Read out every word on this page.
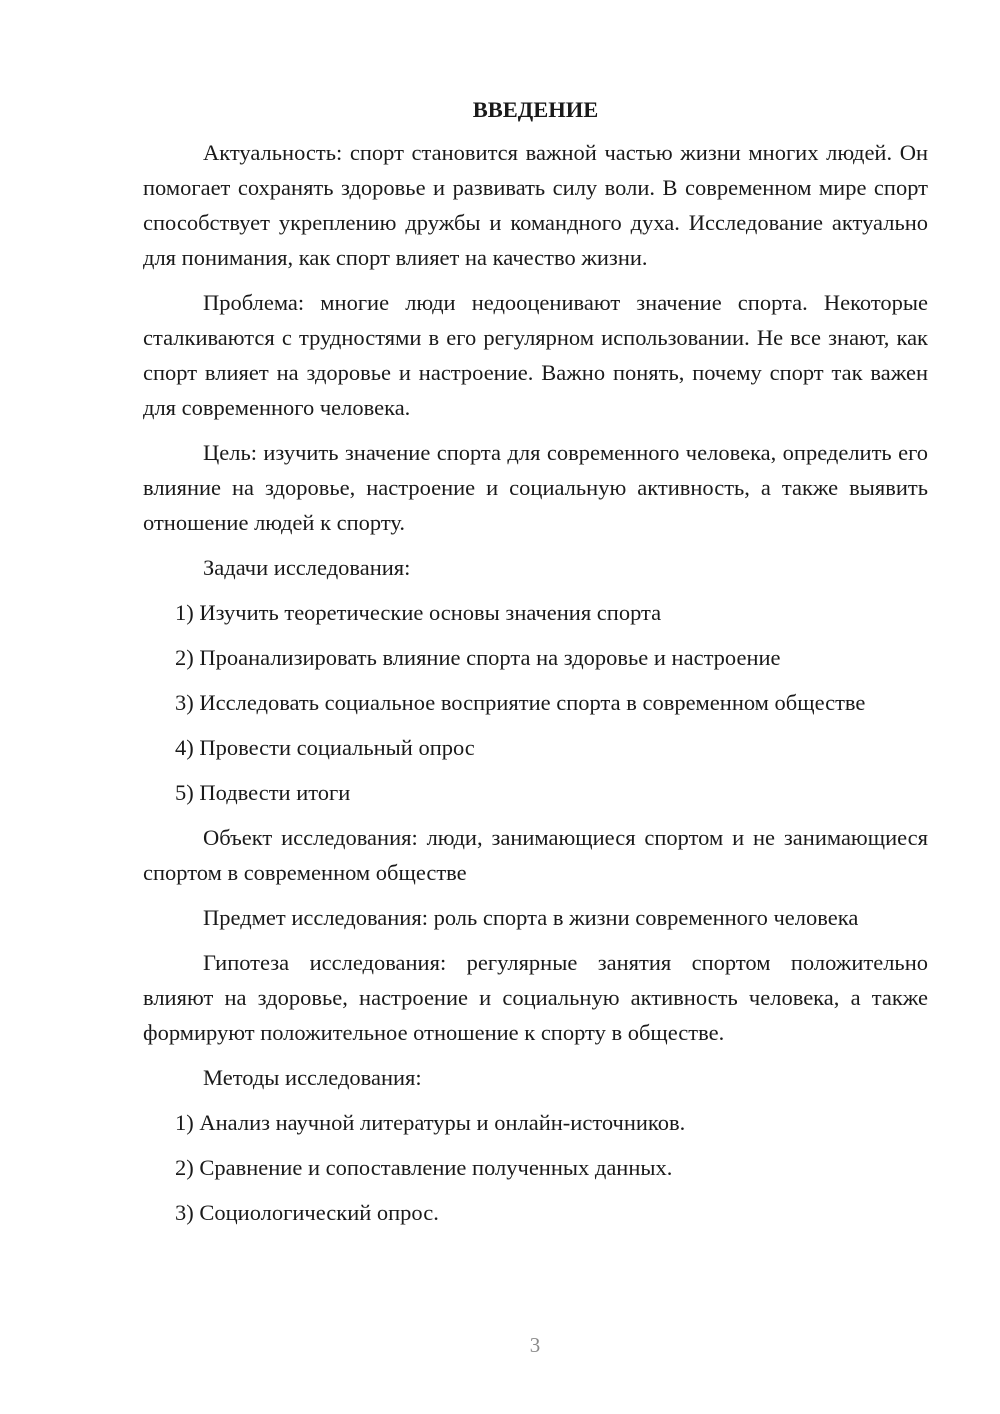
ВВЕДЕНИЕ

Актуальность: спорт становится важной частью жизни многих людей. Он помогает сохранять здоровье и развивать силу воли. В современном мире спорт способствует укреплению дружбы и командного духа. Исследование актуально для понимания, как спорт влияет на качество жизни.

Проблема: многие люди недооценивают значение спорта. Некоторые сталкиваются с трудностями в его регулярном использовании. Не все знают, как спорт влияет на здоровье и настроение. Важно понять, почему спорт так важен для современного человека.

Цель: изучить значение спорта для современного человека, определить его влияние на здоровье, настроение и социальную активность, а также выявить отношение людей к спорту.

Задачи исследования:

1) Изучить теоретические основы значения спорта

2) Проанализировать влияние спорта на здоровье и настроение

3) Исследовать социальное восприятие спорта в современном обществе

4) Провести социальный опрос

5) Подвести итоги

Объект исследования: люди, занимающиеся спортом и не занимающиеся спортом в современном обществе

Предмет исследования: роль спорта в жизни современного человека

Гипотеза исследования: регулярные занятия спортом положительно влияют на здоровье, настроение и социальную активность человека, а также формируют положительное отношение к спорту в обществе.

Методы исследования:

1) Анализ научной литературы и онлайн-источников.

2) Сравнение и сопоставление полученных данных.

3) Социологический опрос.

3
